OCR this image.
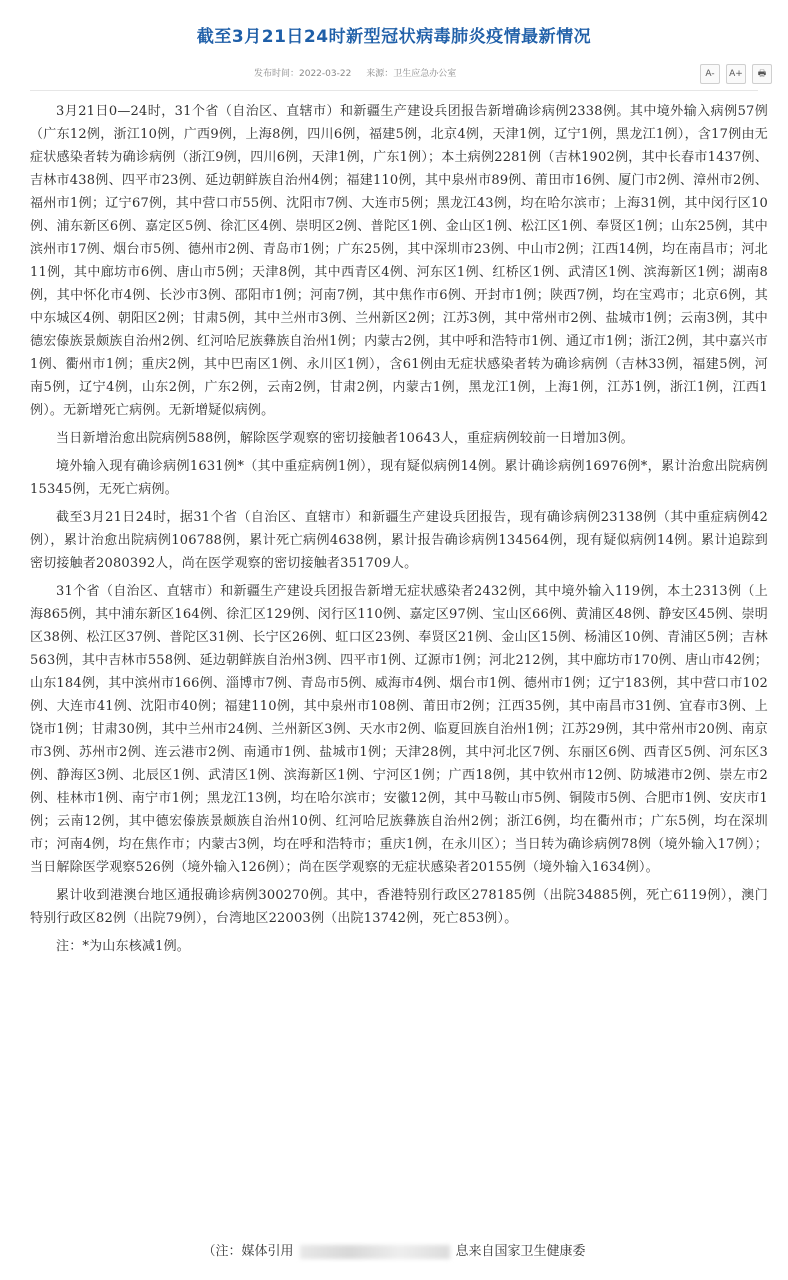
截至3月21日24时新型冠状病毒肺炎疫情最新情况
发布时间：2022-03-22 来源：卫生应急办公室	A-	A+	🖶

3月21日0—24时，31个省（自治区、直辖市）和新疆生产建设兵团报告新增确诊病例2338例。其中境外输入病例57例（广东12例，浙江10例，广西9例，上海8例，四川6例，福建5例，北京4例，天津1例，辽宁1例，黑龙江1例），含17例由无症状感染者转为确诊病例（浙江9例，四川6例，天津1例，广东1例）；本土病例2281例（吉林1902例，其中长春市1437例、吉林市438例、四平市23例、延边朝鲜族自治州4例；福建110例，其中泉州市89例、莆田市16例、厦门市2例、漳州市2例、福州市1例；辽宁67例，其中营口市55例、沈阳市7例、大连市5例；黑龙江43例，均在哈尔滨市；上海31例，其中闵行区10例、浦东新区6例、嘉定区5例、徐汇区4例、崇明区2例、普陀区1例、金山区1例、松江区1例、奉贤区1例；山东25例，其中滨州市17例、烟台市5例、德州市2例、青岛市1例；广东25例，其中深圳市23例、中山市2例；江西14例，均在南昌市；河北11例，其中廊坊市6例、唐山市5例；天津8例，其中西青区4例、河东区1例、红桥区1例、武清区1例、滨海新区1例；湖南8例，其中怀化市4例、长沙市3例、邵阳市1例；河南7例，其中焦作市6例、开封市1例；陕西7例，均在宝鸡市；北京6例，其中东城区4例、朝阳区2例；甘肃5例，其中兰州市3例、兰州新区2例；江苏3例，其中常州市2例、盐城市1例；云南3例，其中德宏傣族景颇族自治州2例、红河哈尼族彝族自治州1例；内蒙古2例，其中呼和浩特市1例、通辽市1例；浙江2例，其中嘉兴市1例、衢州市1例；重庆2例，其中巴南区1例、永川区1例），含61例由无症状感染者转为确诊病例（吉林33例，福建5例，河南5例，辽宁4例，山东2例，广东2例，云南2例，甘肃2例，内蒙古1例，黑龙江1例，上海1例，江苏1例，浙江1例，江西1例）。无新增死亡病例。无新增疑似病例。

当日新增治愈出院病例588例，解除医学观察的密切接触者10643人，重症病例较前一日增加3例。

境外输入现有确诊病例1631例*（其中重症病例1例），现有疑似病例14例。累计确诊病例16976例*，累计治愈出院病例15345例，无死亡病例。

截至3月21日24时，据31个省（自治区、直辖市）和新疆生产建设兵团报告，现有确诊病例23138例（其中重症病例42例），累计治愈出院病例106788例，累计死亡病例4638例，累计报告确诊病例134564例，现有疑似病例14例。累计追踪到密切接触者2080392人，尚在医学观察的密切接触者351709人。

31个省（自治区、直辖市）和新疆生产建设兵团报告新增无症状感染者2432例，其中境外输入119例，本土2313例（上海865例，其中浦东新区164例、徐汇区129例、闵行区110例、嘉定区97例、宝山区66例、黄浦区48例、静安区45例、崇明区38例、松江区37例、普陀区31例、长宁区26例、虹口区23例、奉贤区21例、金山区15例、杨浦区10例、青浦区5例；吉林563例，其中吉林市558例、延边朝鲜族自治州3例、四平市1例、辽源市1例；河北212例，其中廊坊市170例、唐山市42例；山东184例，其中滨州市166例、淄博市7例、青岛市5例、威海市4例、烟台市1例、德州市1例；辽宁183例，其中营口市102例、大连市41例、沈阳市40例；福建110例，其中泉州市108例、莆田市2例；江西35例，其中南昌市31例、宜春市3例、上饶市1例；甘肃30例，其中兰州市24例、兰州新区3例、天水市2例、临夏回族自治州1例；江苏29例，其中常州市20例、南京市3例、苏州市2例、连云港市2例、南通市1例、盐城市1例；天津28例，其中河北区7例、东丽区6例、西青区5例、河东区3例、静海区3例、北辰区1例、武清区1例、滨海新区1例、宁河区1例；广西18例，其中钦州市12例、防城港市2例、崇左市2例、桂林市1例、南宁市1例；黑龙江13例，均在哈尔滨市；安徽12例，其中马鞍山市5例、铜陵市5例、合肥市1例、安庆市1例；云南12例，其中德宏傣族景颇族自治州10例、红河哈尼族彝族自治州2例；浙江6例，均在衢州市；广东5例，均在深圳市；河南4例，均在焦作市；内蒙古3例，均在呼和浩特市；重庆1例，在永川区）；当日转为确诊病例78例（境外输入17例）；当日解除医学观察526例（境外输入126例）；尚在医学观察的无症状感染者20155例（境外输入1634例）。

累计收到港澳台地区通报确诊病例300270例。其中，香港特别行政区278185例（出院34885例，死亡6119例），澳门特别行政区82例（出院79例），台湾地区22003例（出院13742例，死亡853例）。

注：*为山东核减1例。

（注：媒体引用	息来自国家卫生健康委
